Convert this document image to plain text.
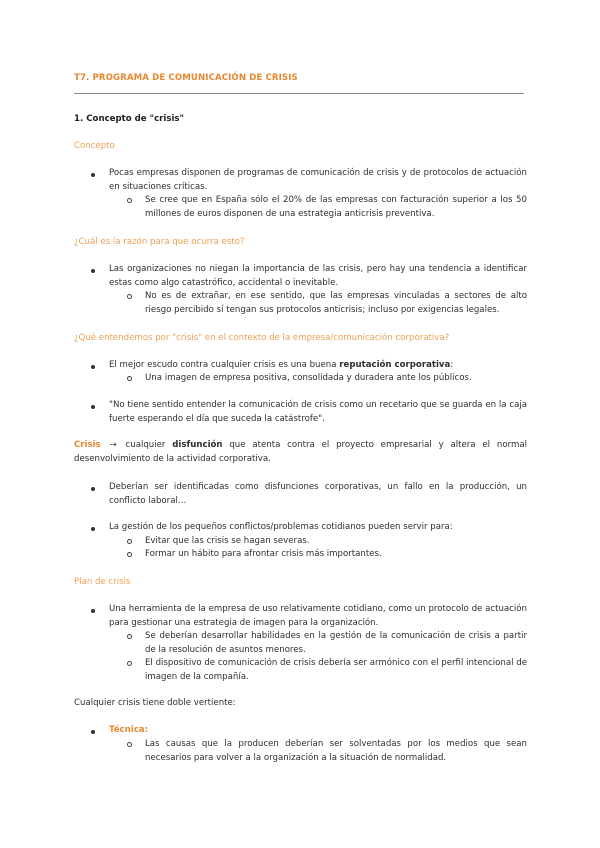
T7. PROGRAMA DE COMUNICACIÓN DE CRISIS
1. Concepto de "crisis"
Concepto
Pocas empresas disponen de programas de comunicación de crisis y de protocolos de actuación en situaciones críticas.
Se cree que en España sólo el 20% de las empresas con facturación superior a los 50 millones de euros disponen de una estrategia anticrisis preventiva.
¿Cuál es la razón para que ocurra esto?
Las organizaciones no niegan la importancia de las crisis, pero hay una tendencia a identificar estas como algo catastrófico, accidental o inevitable.
No es de extrañar, en ese sentido, que las empresas vinculadas a sectores de alto riesgo percibido sí tengan sus protocolos anticrisis; incluso por exigencias legales.
¿Qué entendemos por "crisis" en el contexto de la empresa/comunicación corporativa?
El mejor escudo contra cualquier crisis es una buena reputación corporativa:
Una imagen de empresa positiva, consolidada y duradera ante los públicos.
"No tiene sentido entender la comunicación de crisis como un recetario que se guarda en la caja fuerte esperando el día que suceda la catástrofe".
Crisis → cualquier disfunción que atenta contra el proyecto empresarial y altera el normal desenvolvimiento de la actividad corporativa.
Deberían ser identificadas como disfunciones corporativas, un fallo en la producción, un conflicto laboral…
La gestión de los pequeños conflictos/problemas cotidianos pueden servir para:
Evitar que las crisis se hagan severas.
Formar un hábito para afrontar crisis más importantes.
Plan de crisis
Una herramienta de la empresa de uso relativamente cotidiano, como un protocolo de actuación para gestionar una estrategia de imagen para la organización.
Se deberían desarrollar habilidades en la gestión de la comunicación de crisis a partir de la resolución de asuntos menores.
El dispositivo de comunicación de crisis debería ser armónico con el perfil intencional de imagen de la compañía.
Cualquier crisis tiene doble vertiente:
Técnica:
Las causas que la producen deberían ser solventadas por los medios que sean necesarios para volver a la organización a la situación de normalidad.
